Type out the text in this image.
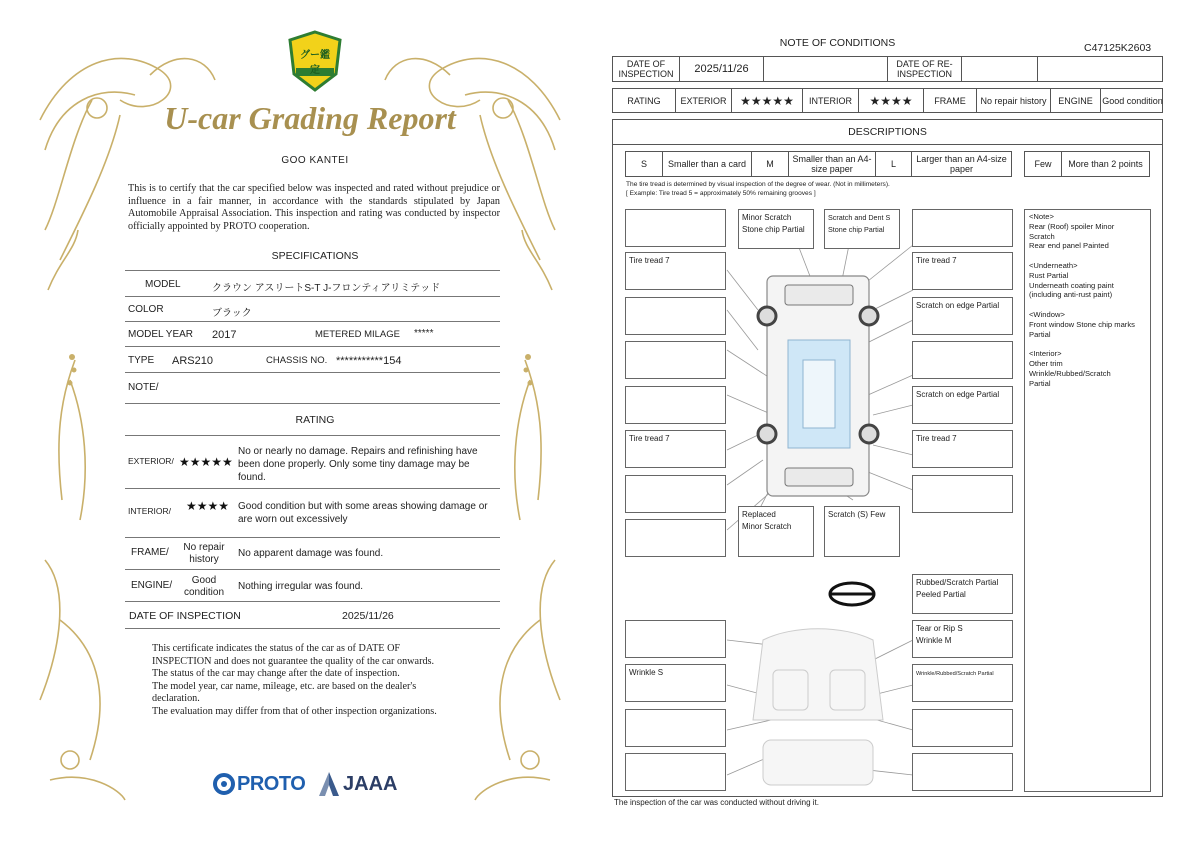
グー鑑定
U-car Grading Report
GOO KANTEI
This is to certify that the car specified below was inspected and rated without prejudice or influence in a fair manner, in accordance with the standards stipulated by Japan Automobile Appraisal Association. This inspection and rating was conducted by inspector officially appointed by PROTO cooperation.
SPECIFICATIONS
MODEL	クラウン アスリートS-T J-フロンティアリミテッド
COLOR	ブラック
MODEL YEAR 2017	METERED MILAGE *****
TYPE ARS210	CHASSIS NO. ***********154
NOTE/
RATING
EXTERIOR/ ★★★★★
No or nearly no damage. Repairs and refinishing have been done properly. Only some tiny damage may be found.
INTERIOR/ ★★★★ Good condition but with some areas showing damage or are worn out excessively
FRAME/	No repair history
No apparent damage was found.
ENGINE/	Good condition
Nothing irregular was found.
DATE OF INSPECTION	2025/11/26
This certificate indicates the status of the car as of DATE OF
INSPECTION and does not guarantee the quality of the car onwards.
The status of the car may change after the date of inspection.
The model year, car name, mileage, etc. are based on the dealer's
declaration.
The evaluation may differ from that of other inspection organizations.
PROTO JAAA
NOTE OF CONDITIONS	C47125K2603
DATE OF INSPECTION	2025/11/26	DATE OF RE-INSPECTION
RATING	EXTERIOR	★★★★★	INTERIOR	★★★★	FRAME	No repair history	ENGINE	Good condition
DESCRIPTIONS
S	Smaller than a card	M	Smaller than an A4-size paper	L	Larger than an A4-size paper	Few	More than 2 points
The tire tread is determined by visual inspection of the degree of wear. (Not in millimeters).
[ Example: Tire tread 5 = approximately 50% remaining grooves ]
Tire tread 7
Tire tread 7
Minor Scratch
Stone chip Partial
Scratch and Dent S
Stone chip Partial
Replaced
Minor Scratch
Scratch (S) Few
Tire tread 7
Scratch on edge Partial
Scratch on edge Partial
Tire tread 7
Rubbed/Scratch Partial
Peeled Partial
Wrinkle S
Tear or Rip S
Wrinkle M
Wrinkle/Rubbed/Scratch Partial
<Note>
Rear (Roof) spoiler Minor
Scratch
Rear end panel Painted
<Underneath>
Rust Partial
Underneath coating paint
(including anti-rust paint)
<Window>
Front window Stone chip marks
Partial
<Interior>
Other trim
Wrinkle/Rubbed/Scratch
Partial
The inspection of the car was conducted without driving it.
